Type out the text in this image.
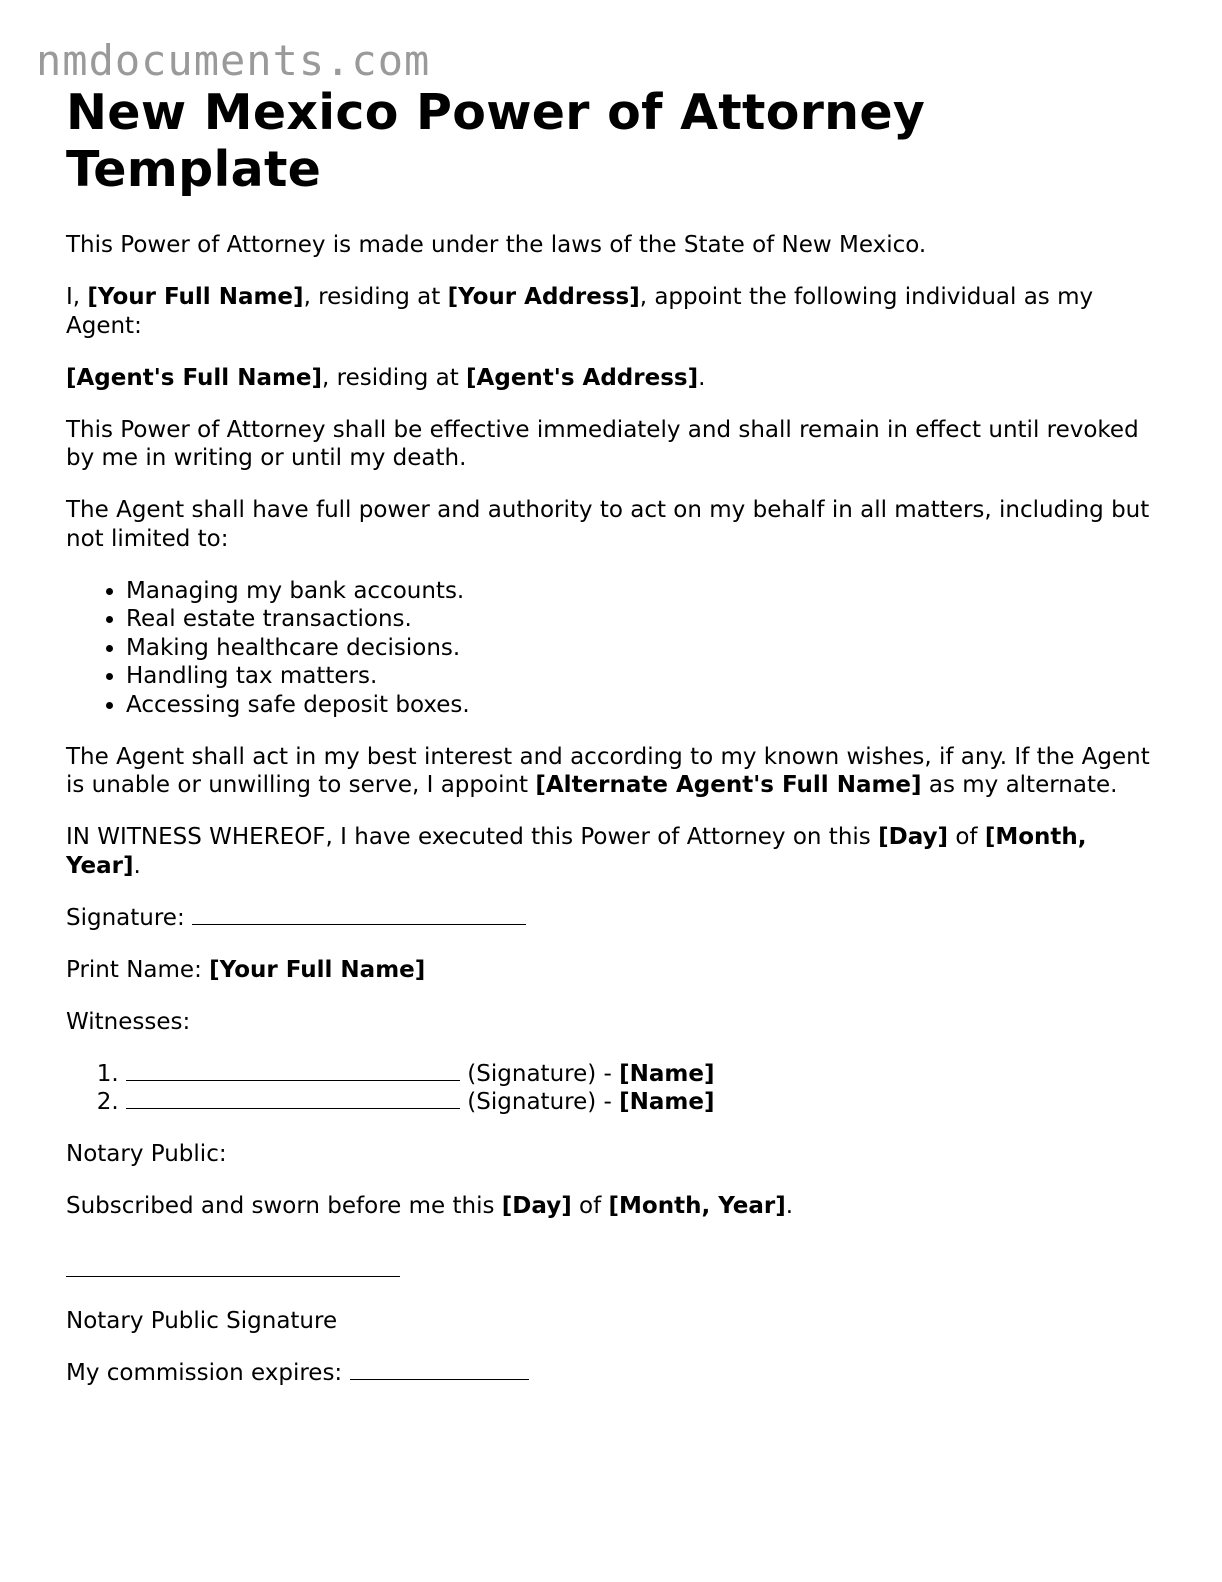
nmdocuments.com
New Mexico Power of Attorney Template

This Power of Attorney is made under the laws of the State of New Mexico.

I, [Your Full Name], residing at [Your Address], appoint the following individual as my Agent:

[Agent's Full Name], residing at [Agent's Address].

This Power of Attorney shall be effective immediately and shall remain in effect until revoked by me in writing or until my death.

The Agent shall have full power and authority to act on my behalf in all matters, including but not limited to:

• Managing my bank accounts.
• Real estate transactions.
• Making healthcare decisions.
• Handling tax matters.
• Accessing safe deposit boxes.

The Agent shall act in my best interest and according to my known wishes, if any. If the Agent is unable or unwilling to serve, I appoint [Alternate Agent's Full Name] as my alternate.

IN WITNESS WHEREOF, I have executed this Power of Attorney on this [Day] of [Month, Year].

Signature:

Print Name: [Your Full Name]

Witnesses:

1. (Signature) - [Name]
2. (Signature) - [Name]

Notary Public:

Subscribed and sworn before me this [Day] of [Month, Year].

Notary Public Signature

My commission expires:
